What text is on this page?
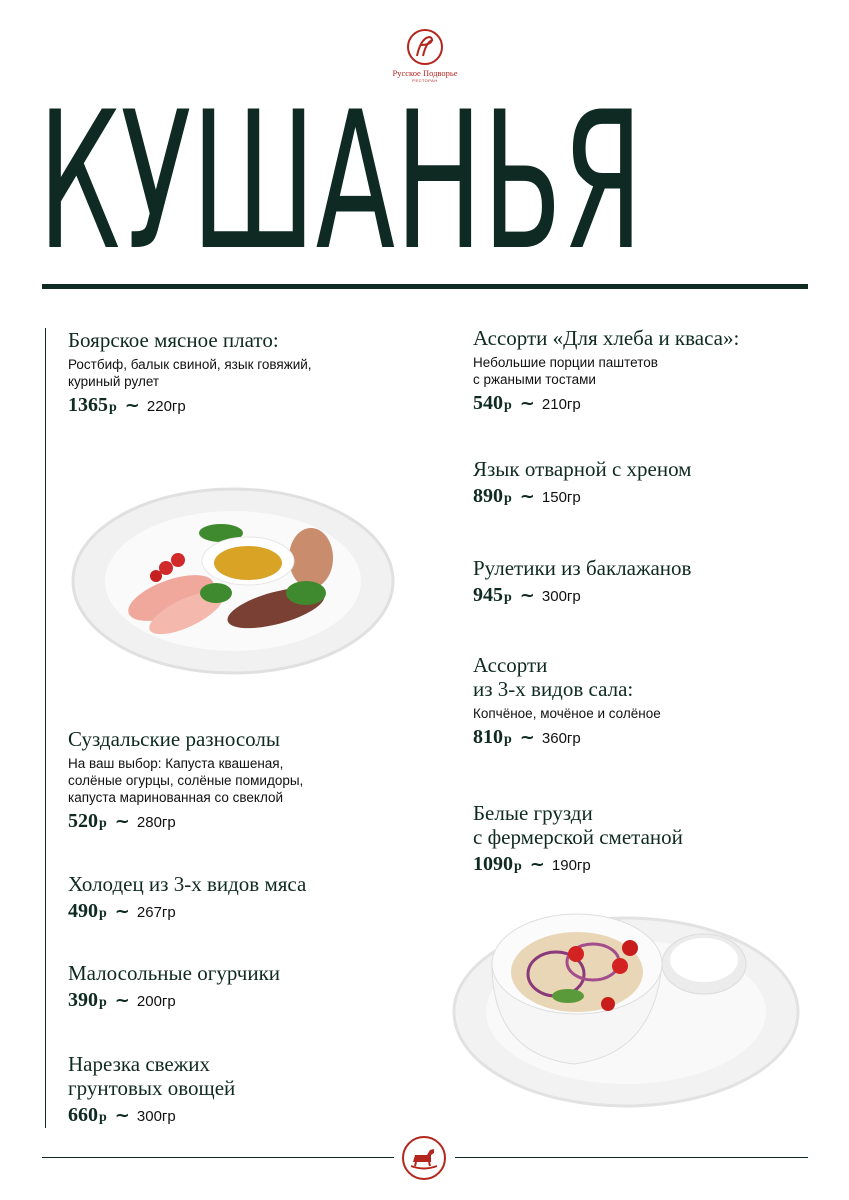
Русское Подворье
РЕСТОРАН
КУШАНЬЯ
Боярское мясное плато:
Ростбиф, балык свиной, язык говяжий,
куриный рулет
1365 р ~ 220гр
Суздальские разносолы
На ваш выбор: Капуста квашеная,
солёные огурцы, солёные помидоры,
капуста маринованная со свеклой
520 р ~ 280гр
Холодец из 3-х видов мяса
490 р ~ 267гр
Малосольные огурчики
390 р ~ 200гр
Нарезка свежих
грунтовых овощей
660 р ~ 300гр
Ассорти «Для хлеба и кваса»:
Небольшие порции паштетов
с ржаными тостами
540 р ~ 210гр
Язык отварной с хреном
890 р ~ 150гр
Рулетики из баклажанов
945 р ~ 300гр
Ассорти
из 3-х видов сала:
Копчёное, мочёное и солёное
810 р ~ 360гр
Белые грузди
с фермерской сметаной
1090 р ~ 190гр
